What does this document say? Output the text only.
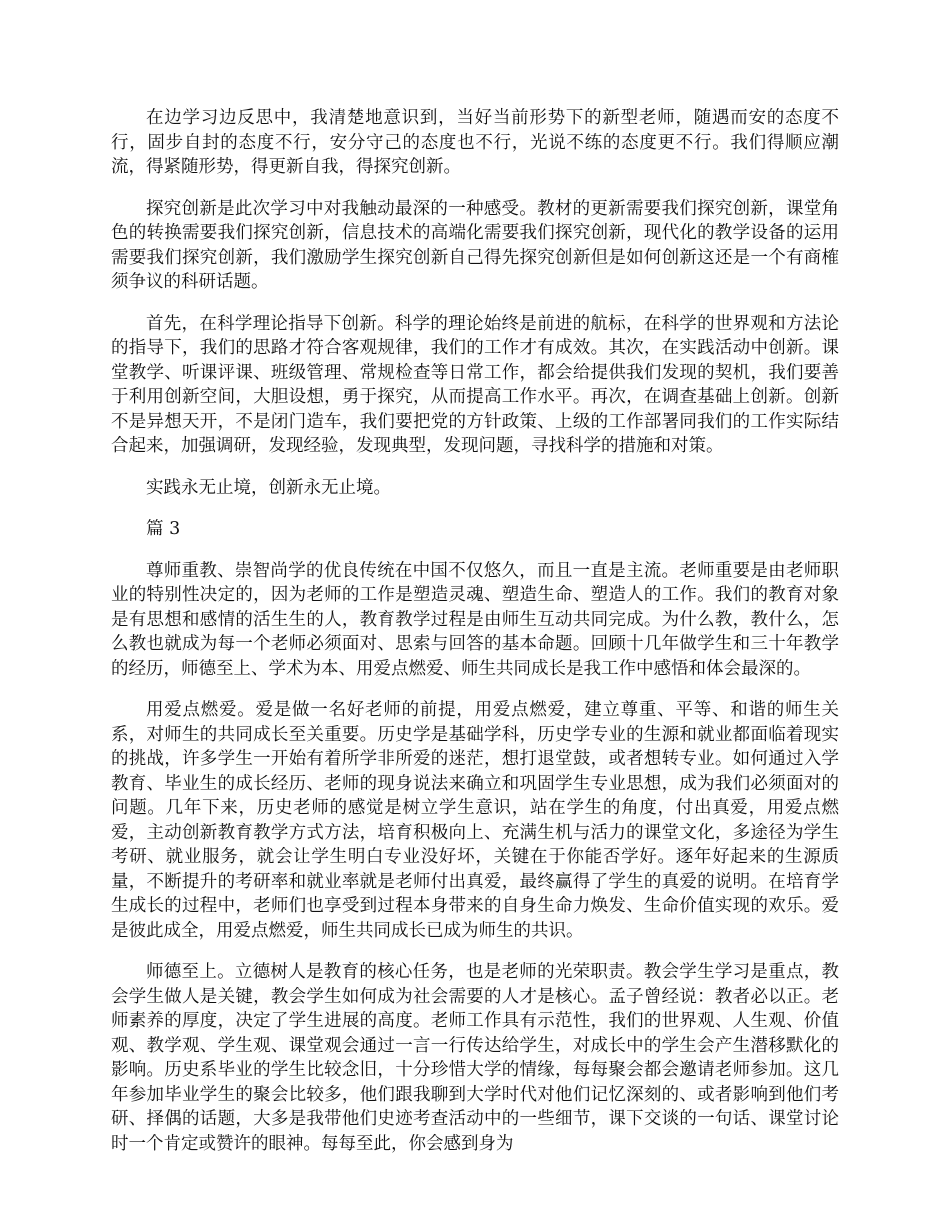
在边学习边反思中，我清楚地意识到，当好当前形势下的新型老师，随遇而安的态度不行，固步自封的态度不行，安分守己的态度也不行，光说不练的态度更不行。我们得顺应潮流，得紧随形势，得更新自我，得探究创新。

探究创新是此次学习中对我触动最深的一种感受。教材的更新需要我们探究创新，课堂角色的转换需要我们探究创新，信息技术的高端化需要我们探究创新，现代化的教学设备的运用需要我们探究创新，我们激励学生探究创新自己得先探究创新但是如何创新这还是一个有商榷须争议的科研话题。

首先，在科学理论指导下创新。科学的理论始终是前进的航标，在科学的世界观和方法论的指导下，我们的思路才符合客观规律，我们的工作才有成效。其次，在实践活动中创新。课堂教学、听课评课、班级管理、常规检查等日常工作，都会给提供我们发现的契机，我们要善于利用创新空间，大胆设想，勇于探究，从而提高工作水平。再次，在调查基础上创新。创新不是异想天开，不是闭门造车，我们要把党的方针政策、上级的工作部署同我们的工作实际结合起来，加强调研，发现经验，发现典型，发现问题，寻找科学的措施和对策。

实践永无止境，创新永无止境。

篇 3

尊师重教、崇智尚学的优良传统在中国不仅悠久，而且一直是主流。老师重要是由老师职业的特别性决定的，因为老师的工作是塑造灵魂、塑造生命、塑造人的工作。我们的教育对象是有思想和感情的活生生的人，教育教学过程是由师生互动共同完成。为什么教，教什么，怎么教也就成为每一个老师必须面对、思索与回答的基本命题。回顾十几年做学生和三十年教学的经历，师德至上、学术为本、用爱点燃爱、师生共同成长是我工作中感悟和体会最深的。

用爱点燃爱。爱是做一名好老师的前提，用爱点燃爱，建立尊重、平等、和谐的师生关系，对师生的共同成长至关重要。历史学是基础学科，历史学专业的生源和就业都面临着现实的挑战，许多学生一开始有着所学非所爱的迷茫，想打退堂鼓，或者想转专业。如何通过入学教育、毕业生的成长经历、老师的现身说法来确立和巩固学生专业思想，成为我们必须面对的问题。几年下来，历史老师的感觉是树立学生意识，站在学生的角度，付出真爱，用爱点燃爱，主动创新教育教学方式方法，培育积极向上、充满生机与活力的课堂文化，多途径为学生考研、就业服务，就会让学生明白专业没好坏，关键在于你能否学好。逐年好起来的生源质量，不断提升的考研率和就业率就是老师付出真爱，最终赢得了学生的真爱的说明。在培育学生成长的过程中，老师们也享受到过程本身带来的自身生命力焕发、生命价值实现的欢乐。爱是彼此成全，用爱点燃爱，师生共同成长已成为师生的共识。

师德至上。立德树人是教育的核心任务，也是老师的光荣职责。教会学生学习是重点，教会学生做人是关键，教会学生如何成为社会需要的人才是核心。孟子曾经说：教者必以正。老师素养的厚度，决定了学生进展的高度。老师工作具有示范性，我们的世界观、人生观、价值观、教学观、学生观、课堂观会通过一言一行传达给学生，对成长中的学生会产生潜移默化的影响。历史系毕业的学生比较念旧，十分珍惜大学的情缘，每每聚会都会邀请老师参加。这几年参加毕业学生的聚会比较多，他们跟我聊到大学时代对他们记忆深刻的、或者影响到他们考研、择偶的话题，大多是我带他们史迹考查活动中的一些细节，课下交谈的一句话、课堂讨论时一个肯定或赞许的眼神。每每至此，你会感到身为
